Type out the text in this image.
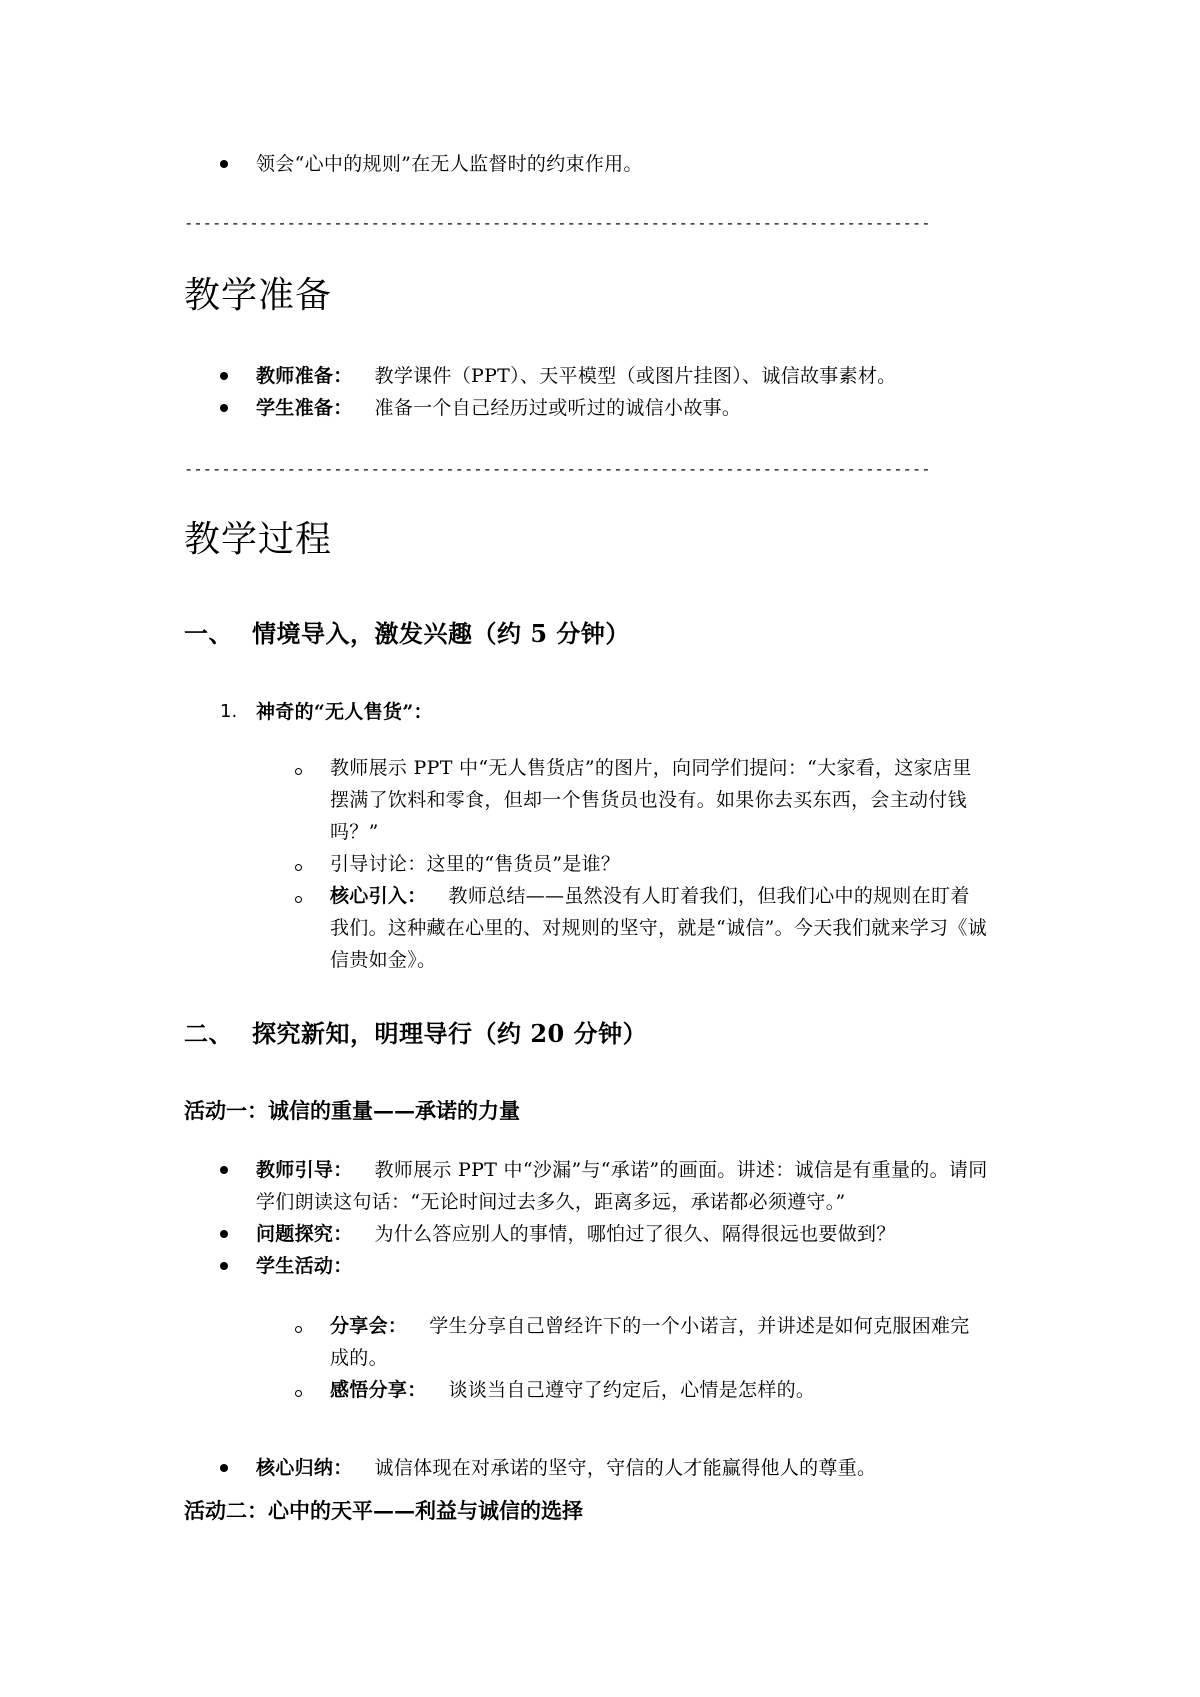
领会“心中的规则”在无人监督时的约束作用。
--------------------------------------------------------------------------------
教学准备
教师准备： 教学课件（PPT）、天平模型（或图片挂图）、诚信故事素材。
学生准备： 准备一个自己经历过或听过的诚信小故事。
--------------------------------------------------------------------------------
教学过程
一、 情境导入，激发兴趣（约 5 分钟）
1. 神奇的“无人售货”：
教师展示 PPT 中“无人售货店”的图片，向同学们提问：“大家看，这家店里
摆满了饮料和零食，但却一个售货员也没有。如果你去买东西，会主动付钱
吗？”
引导讨论：这里的“售货员”是谁？
核心引入： 教师总结——虽然没有人盯着我们，但我们心中的规则在盯着
我们。这种藏在心里的、对规则的坚守，就是“诚信”。今天我们就来学习《诚
信贵如金》。
二、 探究新知，明理导行（约 20 分钟）
活动一：诚信的重量——承诺的力量
教师引导： 教师展示 PPT 中“沙漏”与“承诺”的画面。讲述：诚信是有重量的。请同
学们朗读这句话：“无论时间过去多久，距离多远，承诺都必须遵守。”
问题探究： 为什么答应别人的事情，哪怕过了很久、隔得很远也要做到？
学生活动：
分享会： 学生分享自己曾经许下的一个小诺言，并讲述是如何克服困难完
成的。
感悟分享： 谈谈当自己遵守了约定后，心情是怎样的。
核心归纳： 诚信体现在对承诺的坚守，守信的人才能赢得他人的尊重。
活动二：心中的天平——利益与诚信的选择
